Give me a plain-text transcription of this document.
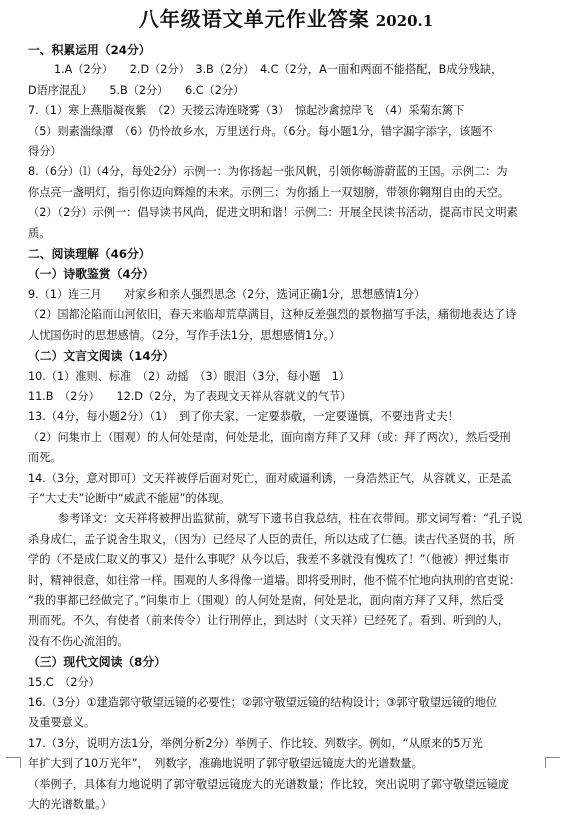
八年级语文单元作业答案 2020.1
一、积累运用（24分）
1.A（2分）　　2.D（2分）　3.B（2分）　4.C（2分，A一面和两面不能搭配，B成分残缺，
D语序混乱）　　5.B（2分）　　6.C（2分）
7.（1）寒上燕脂凝夜紫　（2）天接云涛连晓雾（3）　惊起沙禽掠岸飞　（4）采菊东篱下
（5）则素湍绿潭　（6）仍怜故乡水，万里送行舟。（6分。每小题1分，错字漏字添字，该题不
得分）
8.（6分）⑴（4分，每处2分）示例一：为你扬起一张风帆，引领你畅游蔚蓝的王国。示例二：为
你点亮一盏明灯，指引你迈向辉煌的未来。示例三：为你插上一双翅膀，带领你翱翔自由的天空。
（2）（2分）示例一：倡导读书风尚，促进文明和谐！示例二：开展全民读书活动，提高市民文明素
质。
二、阅读理解（46分）
（一）诗歌鉴赏（4分）
9.（1）连三月　　对家乡和亲人强烈思念（2分，选词正确1分，思想感情1分）
（2）国都沦陷而山河依旧，春天来临却荒草满目，这种反差强烈的景物描写手法，痛彻地表达了诗
人忧国伤时的思想感情。（2分，写作手法1分，思想感情1分。）
（二）文言文阅读（14分）
10.（1）准则、标准　（2）动摇　（3）眼泪（3分，每小题　1）
11.B　（2分）　　12.D（2分，为了表现文天祥从容就义的气节）
13.（4分，每小题2分）（1）　到了你夫家，一定要恭敬，一定要谨慎，不要违背丈夫！
（2）问集市上（围观）的人何处是南，何处是北，面向南方拜了又拜（或：拜了两次），然后受刑
而死。
14.（3分，意对即可）文天祥被俘后面对死亡，面对威逼利诱，一身浩然正气，从容就义，正是孟
子“大丈夫”论断中“威武不能屈”的体现。
参考译文：文天祥将被押出监狱前，就写下遗书自我总结，柱在衣带间。那文词写着：“孔子说
杀身成仁，孟子说舍生取义，（因为）已经尽了人臣的责任，所以达成了仁德。读古代圣贤的书，所
学的（不是成仁取义的事又）是什么事呢？从今以后，我差不多就没有愧疚了！”（他被）押过集市
时，精神很意，如往常一样。围观的人多得像一道墙。即将受刑时，他不慌不忙地向执刑的官吏说：
“我的事都已经做完了。”问集市上（围观）的人何处是南，何处是北，面向南方拜了又拜，然后受
刑而死。不久，有使者（前来传令）让行刑停止，到达时（文天祥）已经死了。看到、听到的人，
没有不伤心流泪的。
（三）现代文阅读（8分）
15.C　（2分）
16.（3分）①建造郭守敬望远镜的必要性；②郭守敬望远镜的结构设计；③郭守敬望远镜的地位
及重要意义。
17.（3分，说明方法1分，举例分析2分）举例子、作比较、列数字。例如，“从原来的5万光
年扩大到了10万光年”，　列数字，准确地说明了郭守敬望远镜庞大的光谱数量。
（举例子，具体有力地说明了郭守敬望远镜庞大的光谱数量；作比较，突出说明了郭守敬望远镜庞
大的光谱数量。）
